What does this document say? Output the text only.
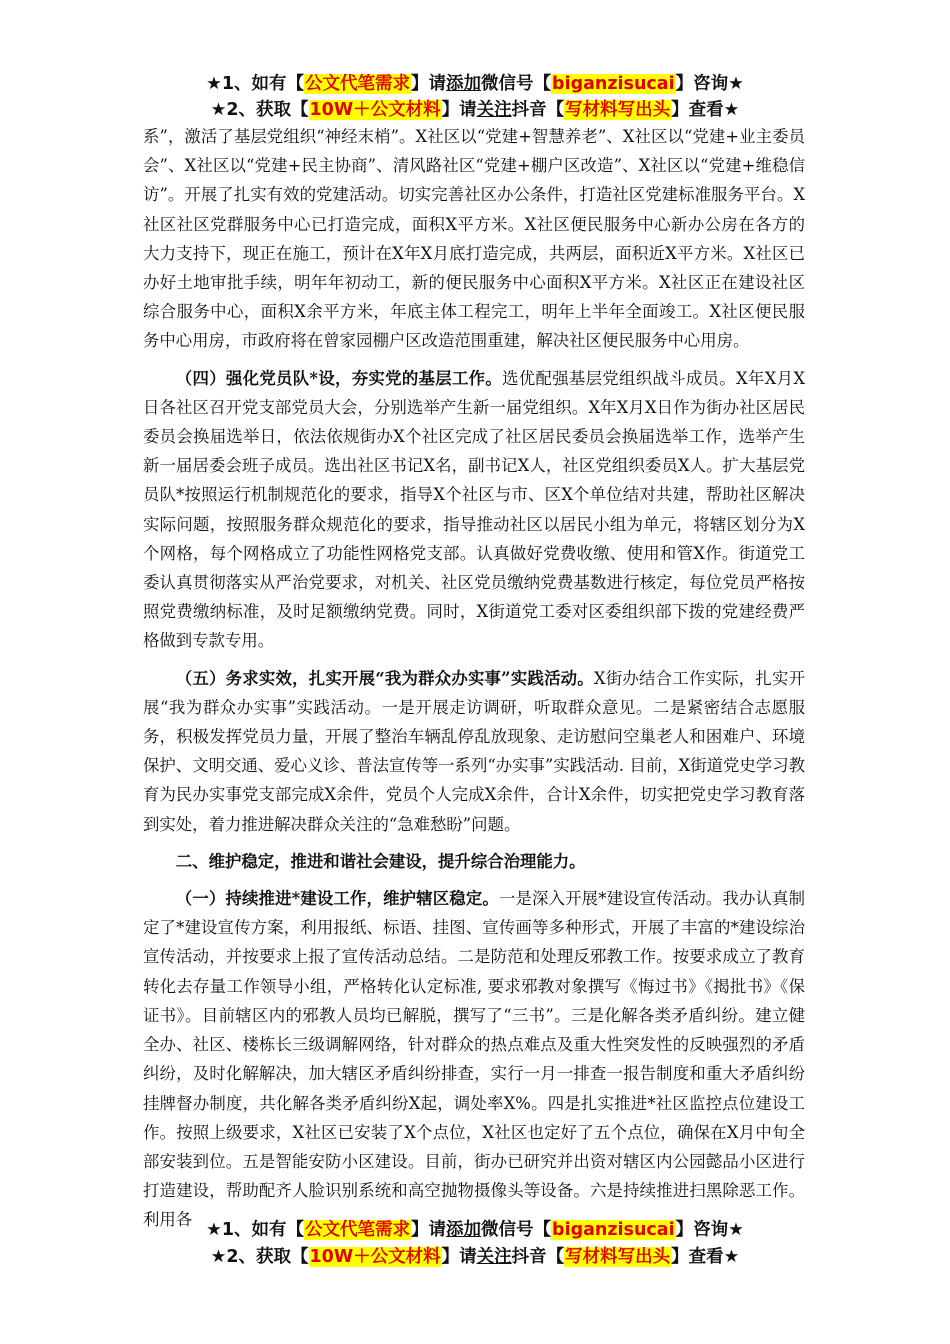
★1、如有【公文代笔需求】请添加微信号【biganzisucai】咨询★
★2、获取【10W＋公文材料】请关注抖音【写材料写出头】查看★

系”，激活了基层党组织“神经末梢”。X社区以“党建+智慧养老”、X社区以“党建+业主委员会”、X社区以“党建+民主协商”、清风路社区“党建+棚户区改造”、X社区以“党建+维稳信访”。开展了扎实有效的党建活动。切实完善社区办公条件，打造社区党建标准服务平台。X社区社区党群服务中心已打造完成，面积X平方米。X社区便民服务中心新办公房在各方的大力支持下，现正在施工，预计在X年X月底打造完成，共两层，面积近X平方米。X社区已办好土地审批手续，明年年初动工，新的便民服务中心面积X平方米。X社区正在建设社区综合服务中心，面积X余平方米，年底主体工程完工，明年上半年全面竣工。X社区便民服务中心用房，市政府将在曾家园棚户区改造范围重建，解决社区便民服务中心用房。

（四）强化党员队*设，夯实党的基层工作。选优配强基层党组织战斗成员。X年X月X日各社区召开党支部党员大会，分别选举产生新一届党组织。X年X月X日作为街办社区居民委员会换届选举日，依法依规街办X个社区完成了社区居民委员会换届选举工作，选举产生新一届居委会班子成员。选出社区书记X名，副书记X人，社区党组织委员X人。扩大基层党员队*按照运行机制规范化的要求，指导X个社区与市、区X个单位结对共建，帮助社区解决实际问题，按照服务群众规范化的要求，指导推动社区以居民小组为单元，将辖区划分为X个网格，每个网格成立了功能性网格党支部。认真做好党费收缴、使用和管X作。街道党工委认真贯彻落实从严治党要求，对机关、社区党员缴纳党费基数进行核定，每位党员严格按照党费缴纳标准，及时足额缴纳党费。同时，X街道党工委对区委组织部下拨的党建经费严格做到专款专用。

（五）务求实效，扎实开展“我为群众办实事”实践活动。X街办结合工作实际，扎实开展“我为群众办实事”实践活动。一是开展走访调研，听取群众意见。二是紧密结合志愿服务，积极发挥党员力量，开展了整治车辆乱停乱放现象、走访慰问空巢老人和困难户、环境保护、文明交通、爱心义诊、普法宣传等一系列“办实事”实践活动. 目前，X街道党史学习教育为民办实事党支部完成X余件，党员个人完成X余件，合计X余件，切实把党史学习教育落到实处，着力推进解决群众关注的“急难愁盼”问题。

二、维护稳定，推进和谐社会建设，提升综合治理能力。

（一）持续推进*建设工作，维护辖区稳定。一是深入开展*建设宣传活动。我办认真制定了*建设宣传方案，利用报纸、标语、挂图、宣传画等多种形式，开展了丰富的*建设综治宣传活动，并按要求上报了宣传活动总结。二是防范和处理反邪教工作。按要求成立了教育转化去存量工作领导小组，严格转化认定标准, 要求邪教对象撰写《悔过书》《揭批书》《保证书》。目前辖区内的邪教人员均已解脱，撰写了“三书”。三是化解各类矛盾纠纷。建立健全办、社区、楼栋长三级调解网络，针对群众的热点难点及重大性突发性的反映强烈的矛盾纠纷，及时化解解决，加大辖区矛盾纠纷排查，实行一月一排查一报告制度和重大矛盾纠纷挂牌督办制度，共化解各类矛盾纠纷X起，调处率X%。四是扎实推进*社区监控点位建设工作。按照上级要求，X社区已安装了X个点位，X社区也定好了五个点位，确保在X月中旬全部安装到位。五是智能安防小区建设。目前，街办已研究并出资对辖区内公园懿品小区进行打造建设，帮助配齐人脸识别系统和高空抛物摄像头等设备。六是持续推进扫黑除恶工作。利用各

★1、如有【公文代笔需求】请添加微信号【biganzisucai】咨询★
★2、获取【10W＋公文材料】请关注抖音【写材料写出头】查看★
